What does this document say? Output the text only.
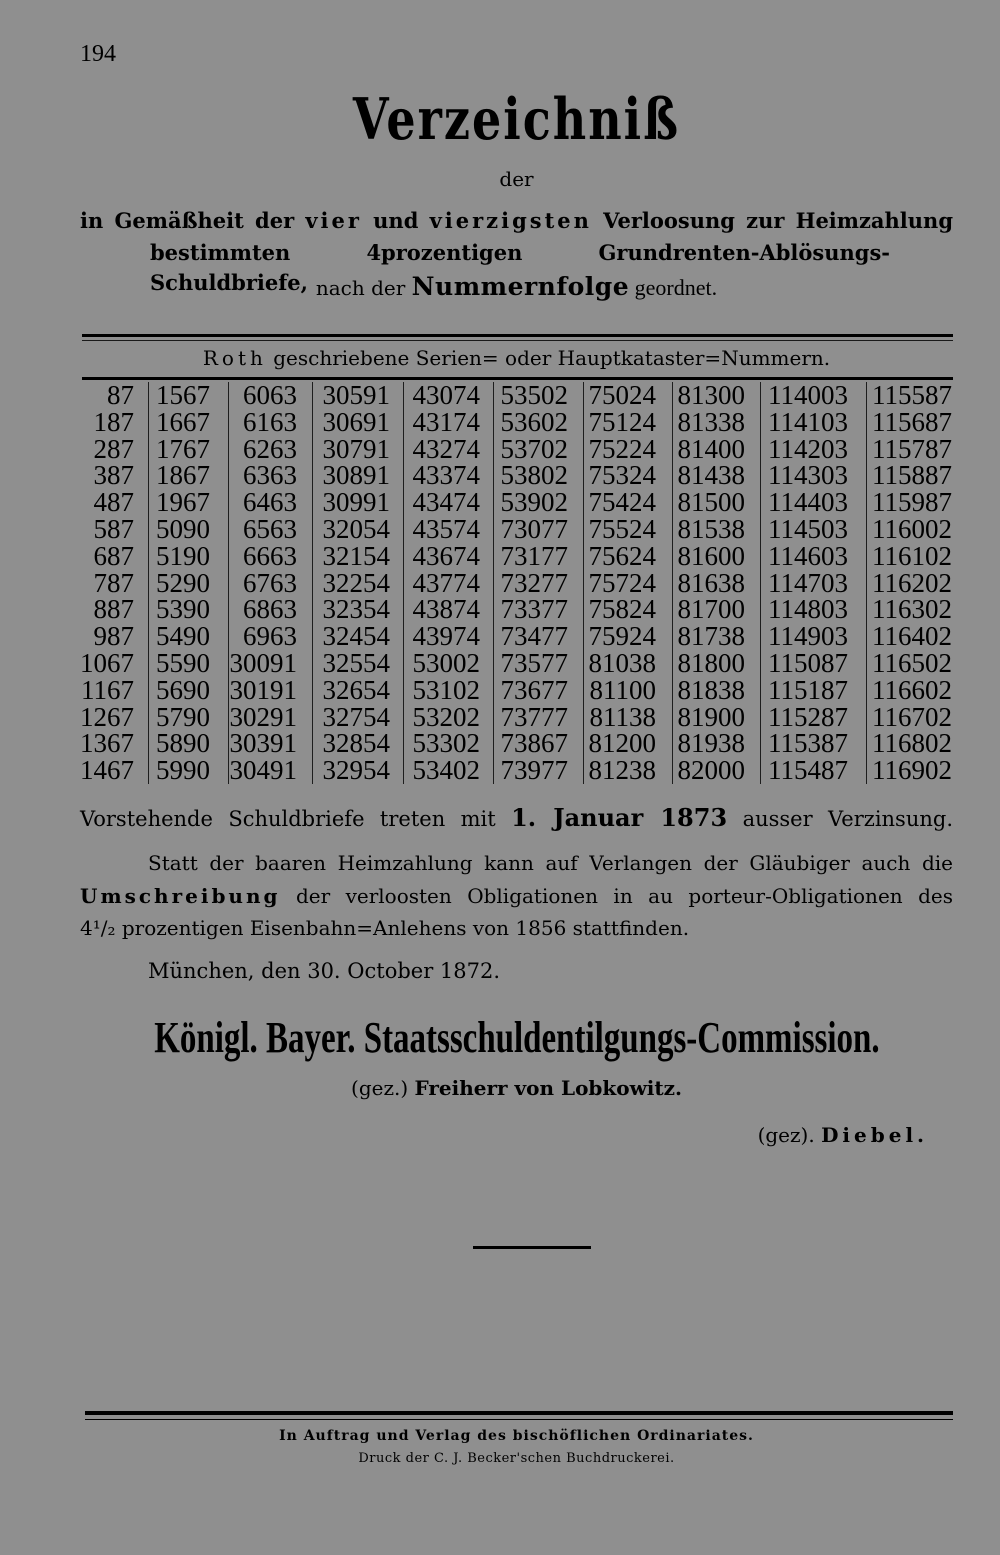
194
Verzeichniß
der
in Gemäßheit der vier und vierzigsten Verloosung zur Heimzahlung
bestimmten 4prozentigen Grundrenten-Ablösungs-Schuldbriefe, nach der Nummernfolge geordnet.
Roth geschriebene Serien= oder Hauptkataster=Nummern.
87 1567	6063 30591 43074 53502 75024 81300 114003 115587
187 1667	6163 30691 43174 53602 75124 81338 114103 115687
287 1767	6263 30791 43274 53702 75224 81400 114203 115787
387 1867	6363 30891 43374 53802 75324 81438 114303 115887
487 1967	6463 30991 43474 53902 75424 81500 114403 115987
587 5090	6563 32054 43574 73077 75524 81538 114503 116002
687 5190	6663 32154 43674 73177 75624 81600 114603 116102
787 5290	6763 32254 43774 73277 75724 81638 114703 116202
887 5390	6863 32354 43874 73377 75824 81700 114803 116302
987 5490	6963 32454 43974 73477 75924 81738 114903 116402
1067 5590 30091 32554 53002 73577 81038 81800 115087 116502
1167 5690 30191 32654 53102 73677 81100 81838 115187 116602
1267 5790 30291 32754 53202 73777 81138 81900 115287 116702
1367 5890 30391 32854 53302 73867 81200 81938 115387 116802
1467 5990 30491 32954 53402 73977 81238 82000 115487 116902
Vorstehende Schuldbriefe treten mit 1. Januar 1873 ausser Verzinsung.
Statt der baaren Heimzahlung kann auf Verlangen der Gläubiger auch die
Umschreibung der verloosten Obligationen in au porteur-Obligationen des
4¹/₂ prozentigen Eisenbahn=Anlehens von 1856 stattfinden.
München, den 30. October 1872.
Königl. Bayer. Staatsschuldentilgungs-Commission.
(gez.) Freiherr von Lobkowitz.
(gez). Diebel.
In Auftrag und Verlag des bischöflichen Ordinariates.
Druck der C. J. Becker'schen Buchdruckerei.
